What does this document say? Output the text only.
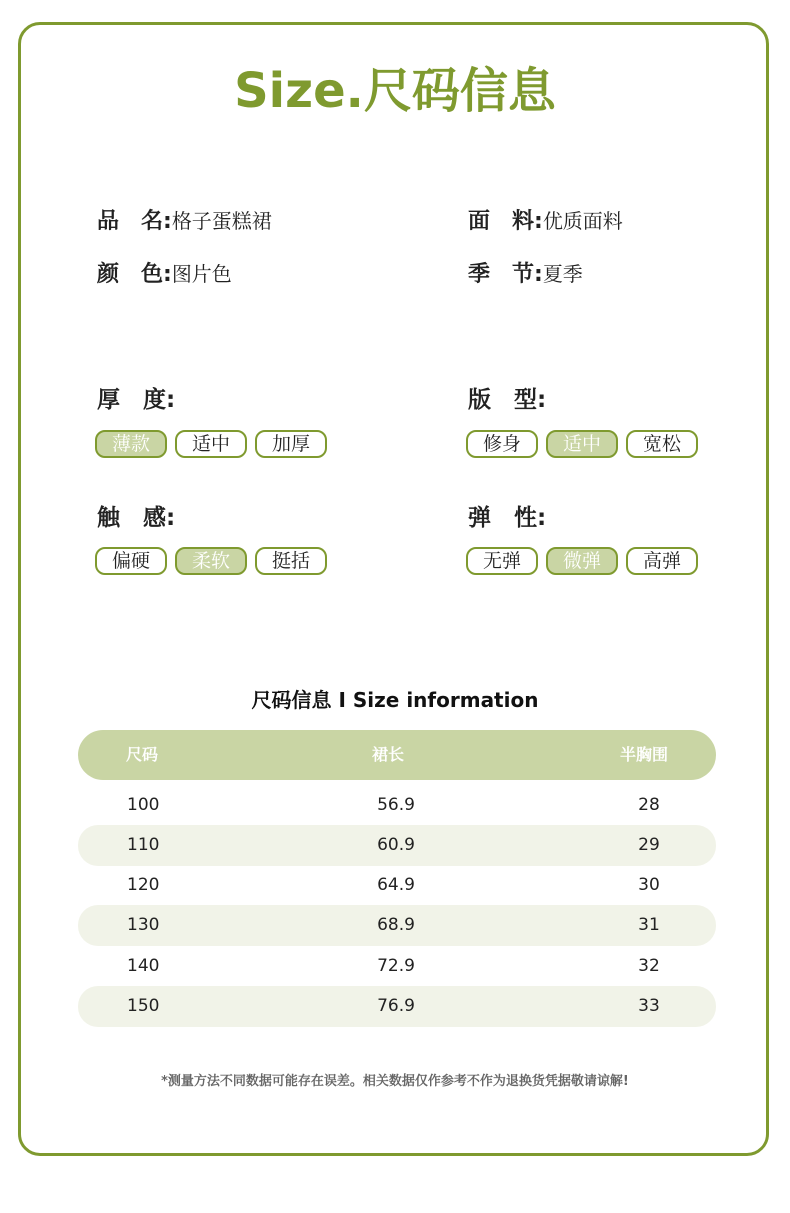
Size.尺码信息
品　名:格子蛋糕裙	面　料:优质面料
颜　色:图片色	季　节:夏季
厚　度:
薄款	适中	加厚
版　型:
修身	适中	宽松
触　感:
偏硬	柔软	挺括
弹　性:
无弹	微弹	高弹
尺码信息 I Size information
尺码	裙长	半胸围
100	56.9	28
110	60.9	29
120	64.9	30
130	68.9	31
140	72.9	32
150	76.9	33
*测量方法不同数据可能存在误差。相关数据仅作参考不作为退换货凭据敬请谅解!
